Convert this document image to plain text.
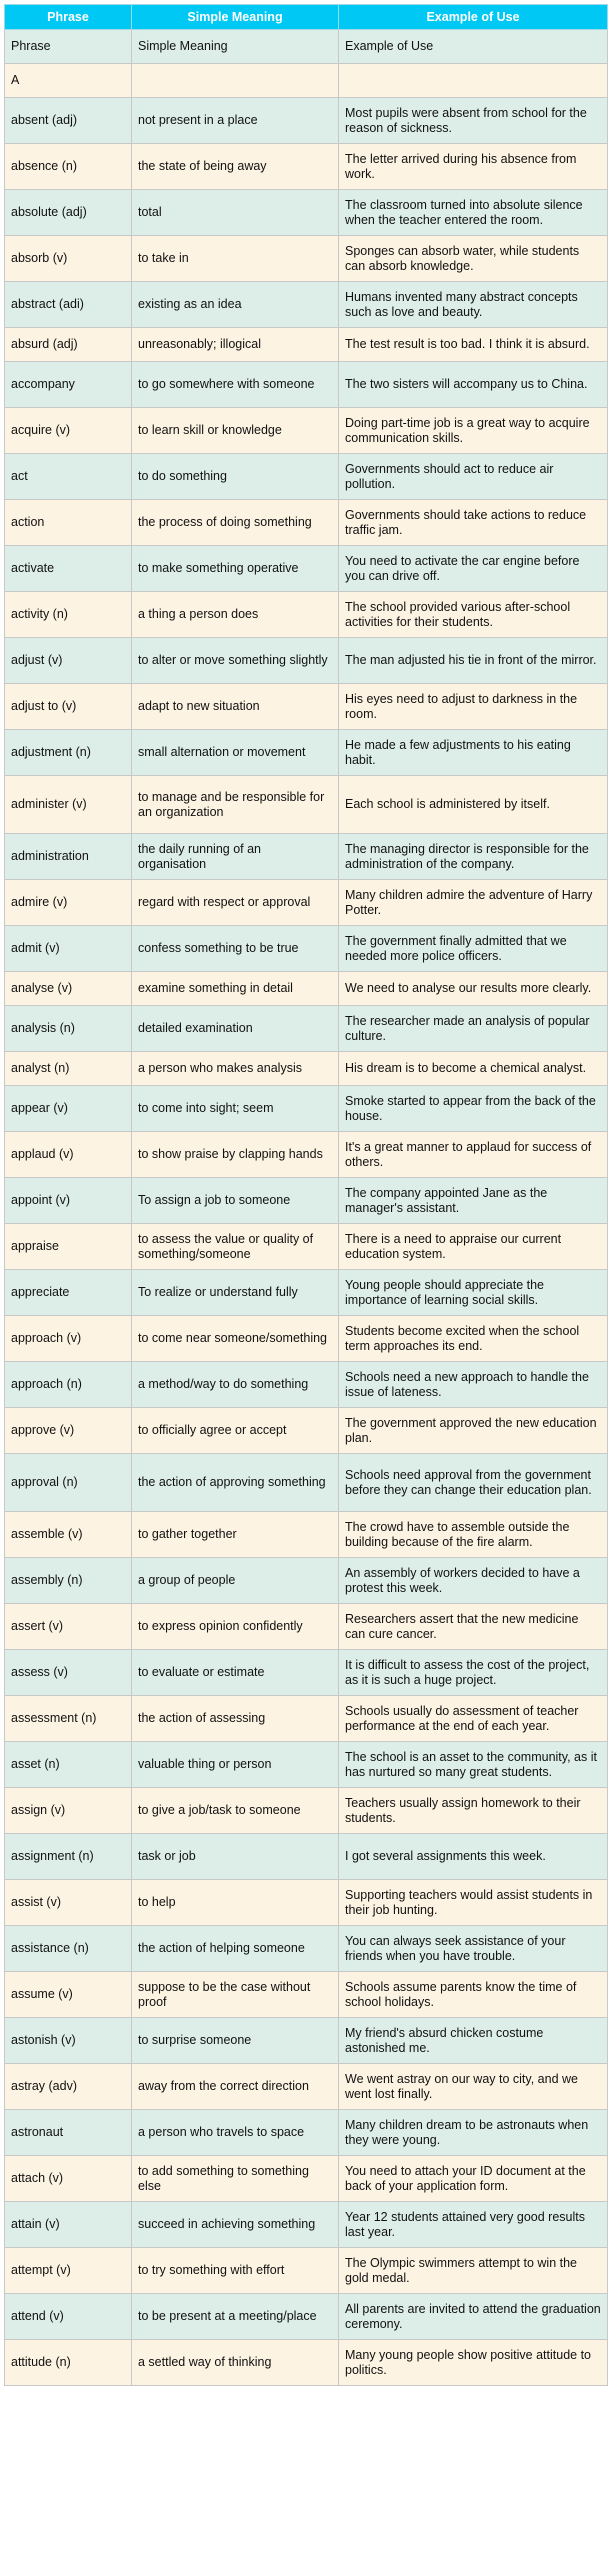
Phrase	Simple Meaning	Example of Use
Phrase	Simple Meaning	Example of Use
A		
absent (adj)	not present in a place	Most pupils were absent from school for the reason of sickness.
absence (n)	the state of being away	The letter arrived during his absence from work.
absolute (adj)	total	The classroom turned into absolute silence when the teacher entered the room.
absorb (v)	to take in	Sponges can absorb water, while students can absorb knowledge.
abstract (adi)	existing as an idea	Humans invented many abstract concepts such as love and beauty.
absurd (adj)	unreasonably; illogical	The test result is too bad. I think it is absurd.
accompany	to go somewhere with someone	The two sisters will accompany us to China.
acquire (v)	to learn skill or knowledge	Doing part-time job is a great way to acquire communication skills.
act	to do something	Governments should act to reduce air pollution.
action	the process of doing something	Governments should take actions to reduce traffic jam.
activate	to make something operative	You need to activate the car engine before you can drive off.
activity (n)	a thing a person does	The school provided various after-school activities for their students.
adjust (v)	to alter or move something slightly	The man adjusted his tie in front of the mirror.
adjust to (v)	adapt to new situation	His eyes need to adjust to darkness in the room.
adjustment (n)	small alternation or movement	He made a few adjustments to his eating habit.
administer (v)	to manage and be responsible for an organization	Each school is administered by itself.
administration	the daily running of an organisation	The managing director is responsible for the administration of the company.
admire (v)	regard with respect or approval	Many children admire the adventure of Harry Potter.
admit (v)	confess something to be true	The government finally admitted that we needed more police officers.
analyse (v)	examine something in detail	We need to analyse our results more clearly.
analysis (n)	detailed examination	The researcher made an analysis of popular culture.
analyst (n)	a person who makes analysis	His dream is to become a chemical analyst.
appear (v)	to come into sight; seem	Smoke started to appear from the back of the house.
applaud (v)	to show praise by clapping hands	It's a great manner to applaud for success of others.
appoint (v)	To assign a job to someone	The company appointed Jane as the manager's assistant.
appraise	to assess the value or quality of something/someone	There is a need to appraise our current education system.
appreciate	To realize or understand fully	Young people should appreciate the importance of learning social skills.
approach (v)	to come near someone/something	Students become excited when the school term approaches its end.
approach (n)	a method/way to do something	Schools need a new approach to handle the issue of lateness.
approve (v)	to officially agree or accept	The government approved the new education plan.
approval (n)	the action of approving something	Schools need approval from the government before they can change their education plan.
assemble (v)	to gather together	The crowd have to assemble outside the building because of the fire alarm.
assembly (n)	a group of people	An assembly of workers decided to have a protest this week.
assert (v)	to express opinion confidently	Researchers assert that the new medicine can cure cancer.
assess (v)	to evaluate or estimate	It is difficult to assess the cost of the project, as it is such a huge project.
assessment (n)	the action of assessing	Schools usually do assessment of teacher performance at the end of each year.
asset (n)	valuable thing or person	The school is an asset to the community, as it has nurtured so many great students.
assign (v)	to give a job/task to someone	Teachers usually assign homework to their students.
assignment (n)	task or job	I got several assignments this week.
assist (v)	to help	Supporting teachers would assist students in their job hunting.
assistance (n)	the action of helping someone	You can always seek assistance of your friends when you have trouble.
assume (v)	suppose to be the case without proof	Schools assume parents know the time of school holidays.
astonish (v)	to surprise someone	My friend's absurd chicken costume astonished me.
astray (adv)	away from the correct direction	We went astray on our way to city, and we went lost finally.
astronaut	a person who travels to space	Many children dream to be astronauts when they were young.
attach (v)	to add something to something else	You need to attach your ID document at the back of your application form.
attain (v)	succeed in achieving something	Year 12 students attained very good results last year.
attempt (v)	to try something with effort	The Olympic swimmers attempt to win the gold medal.
attend (v)	to be present at a meeting/place	All parents are invited to attend the graduation ceremony.
attitude (n)	a settled way of thinking	Many young people show positive attitude to politics.
